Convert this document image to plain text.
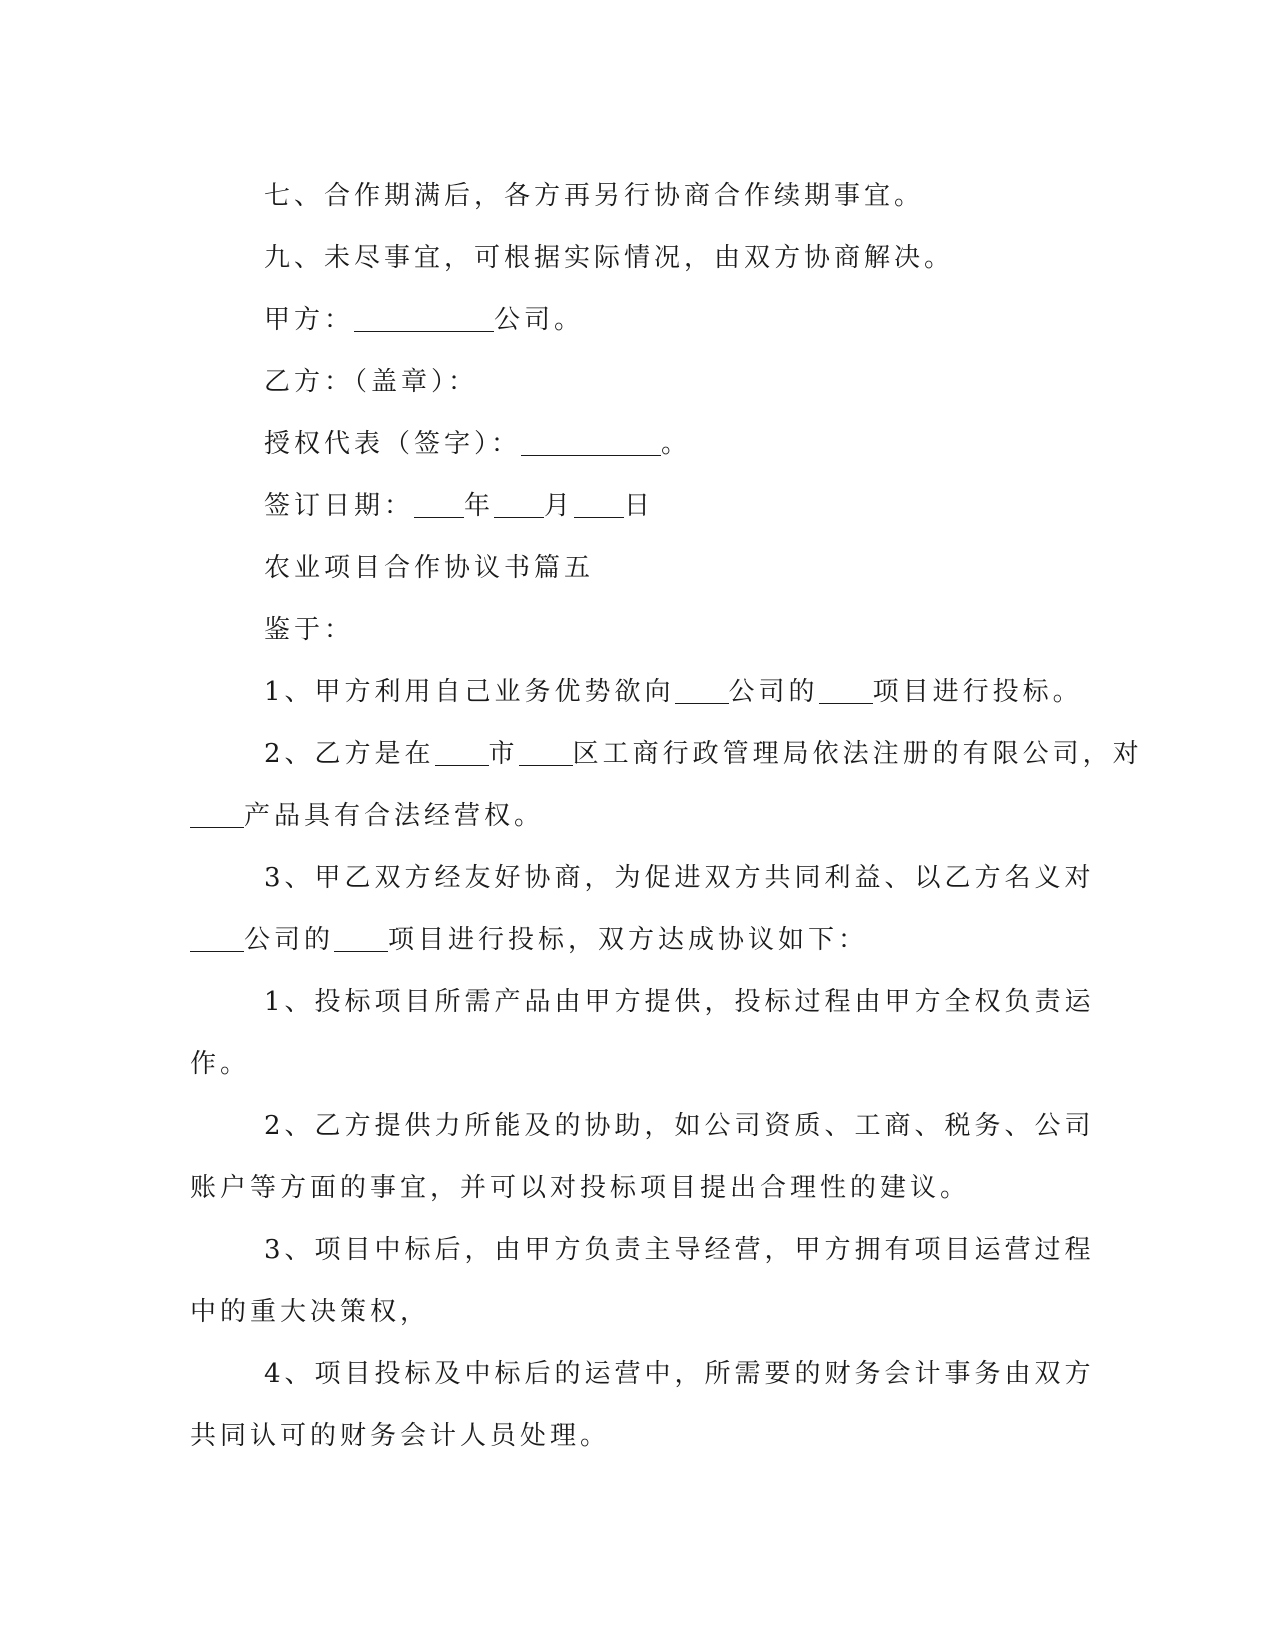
七、合作期满后，各方再另行协商合作续期事宜。
九、未尽事宜，可根据实际情况，由双方协商解决。
甲方：	公司。
乙方：（盖章）：
授权代表（签字）：	。
签订日期： 年 月 日
农业项目合作协议书篇五
鉴于：
1、甲方利用自己业务优势欲向 公司的 项目进行投标。
2、乙方是在 市 区工商行政管理局依法注册的有限公司，对
产品具有合法经营权。
3、甲乙双方经友好协商，为促进双方共同利益、以乙方名义对
公司的 项目进行投标，双方达成协议如下：
1、投标项目所需产品由甲方提供，投标过程由甲方全权负责运
作。
2、乙方提供力所能及的协助，如公司资质、工商、税务、公司
账户等方面的事宜，并可以对投标项目提出合理性的建议。
3、项目中标后，由甲方负责主导经营，甲方拥有项目运营过程
中的重大决策权，
4、项目投标及中标后的运营中，所需要的财务会计事务由双方
共同认可的财务会计人员处理。
